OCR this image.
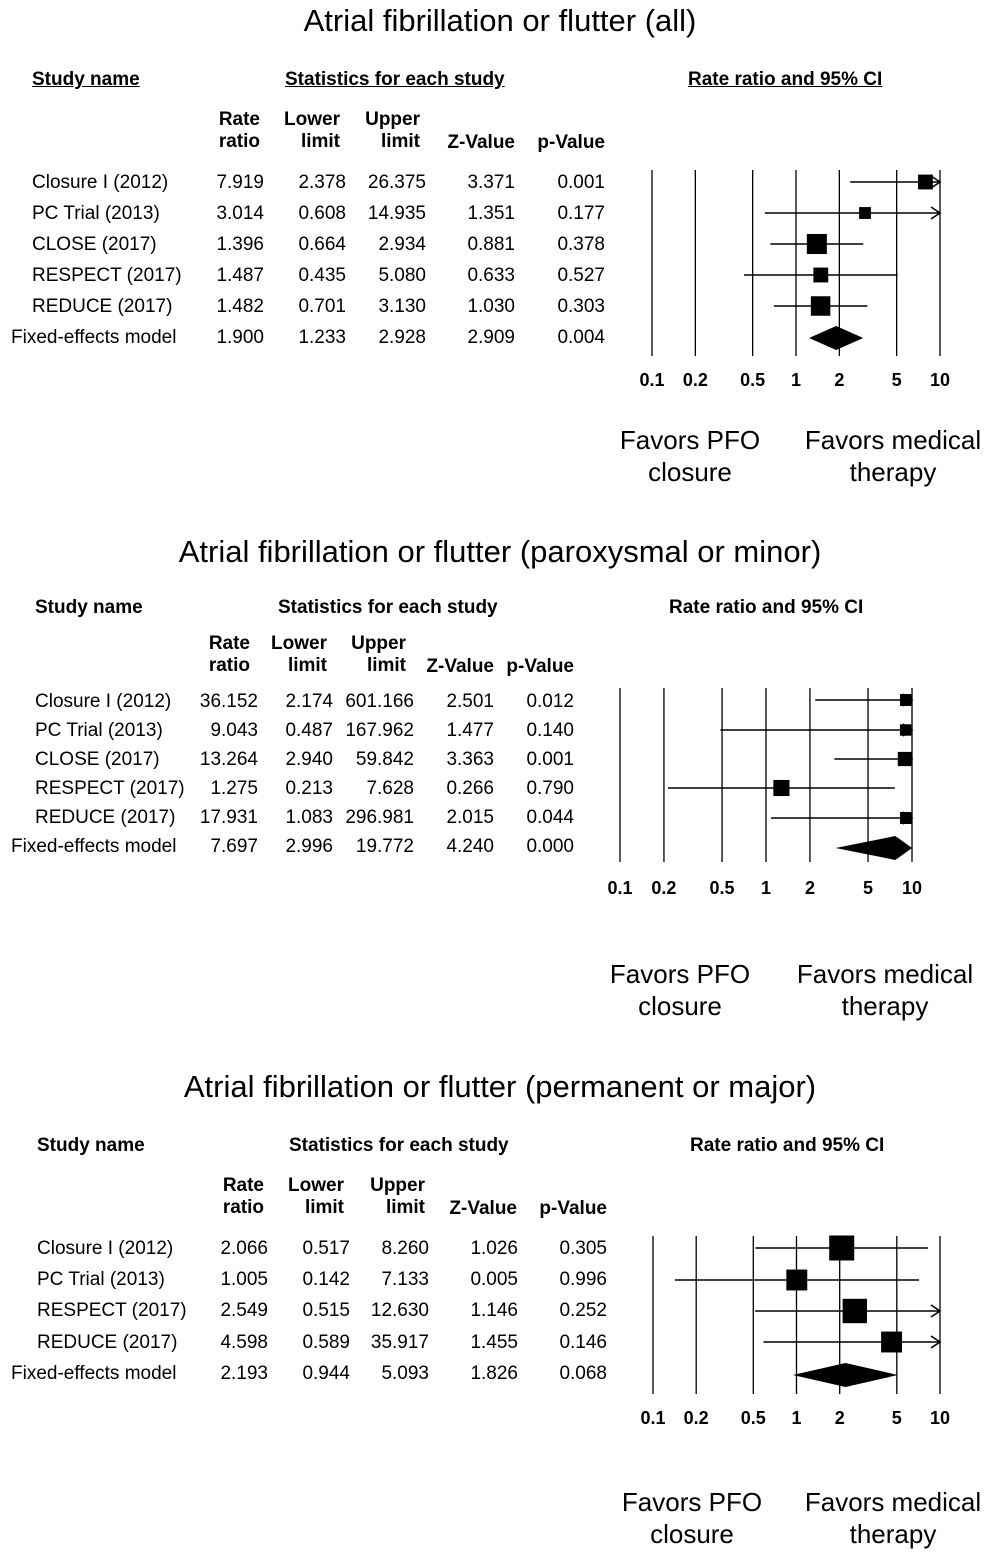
Atrial fibrillation or flutter (all)
Study name	Statistics for each study	Rate ratio and 95% CI
Rate
ratio
Lower
limit
Upper
limit	Z-Value	p-Value
Closure I (2012)	7.919	2.378	26.375	3.371	0.001
PC Trial (2013)	3.014	0.608	14.935	1.351	0.177
CLOSE (2017)	1.396	0.664	2.934	0.881	0.378
RESPECT (2017)	1.487	0.435	5.080	0.633	0.527
REDUCE (2017)	1.482	0.701	3.130	1.030	0.303
Fixed-effects model	1.900	1.233	2.928	2.909	0.004
0.1 0.2 0.5 1 2	5 10
Favors PFO
closure
Favors medical
therapy
Atrial fibrillation or flutter (paroxysmal or minor)
Study name	Statistics for each study	Rate ratio and 95% CI
Rate
ratio
Lower
limit
Upper
limit	Z-Value p-Value
Closure I (2012)	36.152	2.174 601.166	2.501	0.012
PC Trial (2013)	9.043	0.487 167.962	1.477	0.140
CLOSE (2017)	13.264	2.940	59.842	3.363	0.001
RESPECT (2017)	1.275	0.213	7.628	0.266	0.790
REDUCE (2017)	17.931	1.083 296.981	2.015	0.044
Fixed-effects model	7.697	2.996	19.772	4.240	0.000
0.1 0.2 0.5 1 2	5 10
Favors PFO
closure
Favors medical
therapy
Atrial fibrillation or flutter (permanent or major)
Study name	Statistics for each study	Rate ratio and 95% CI
Rate
ratio
Lower
limit
Upper
limit	Z-Value	p-Value
Closure I (2012)	2.066	0.517	8.260	1.026	0.305
PC Trial (2013)	1.005	0.142	7.133	0.005	0.996
RESPECT (2017)	2.549	0.515	12.630	1.146	0.252
REDUCE (2017)	4.598	0.589	35.917	1.455	0.146
Fixed-effects model	2.193	0.944	5.093	1.826	0.068
0.1 0.2 0.5 1 2	5 10
Favors PFO
closure
Favors medical
therapy
